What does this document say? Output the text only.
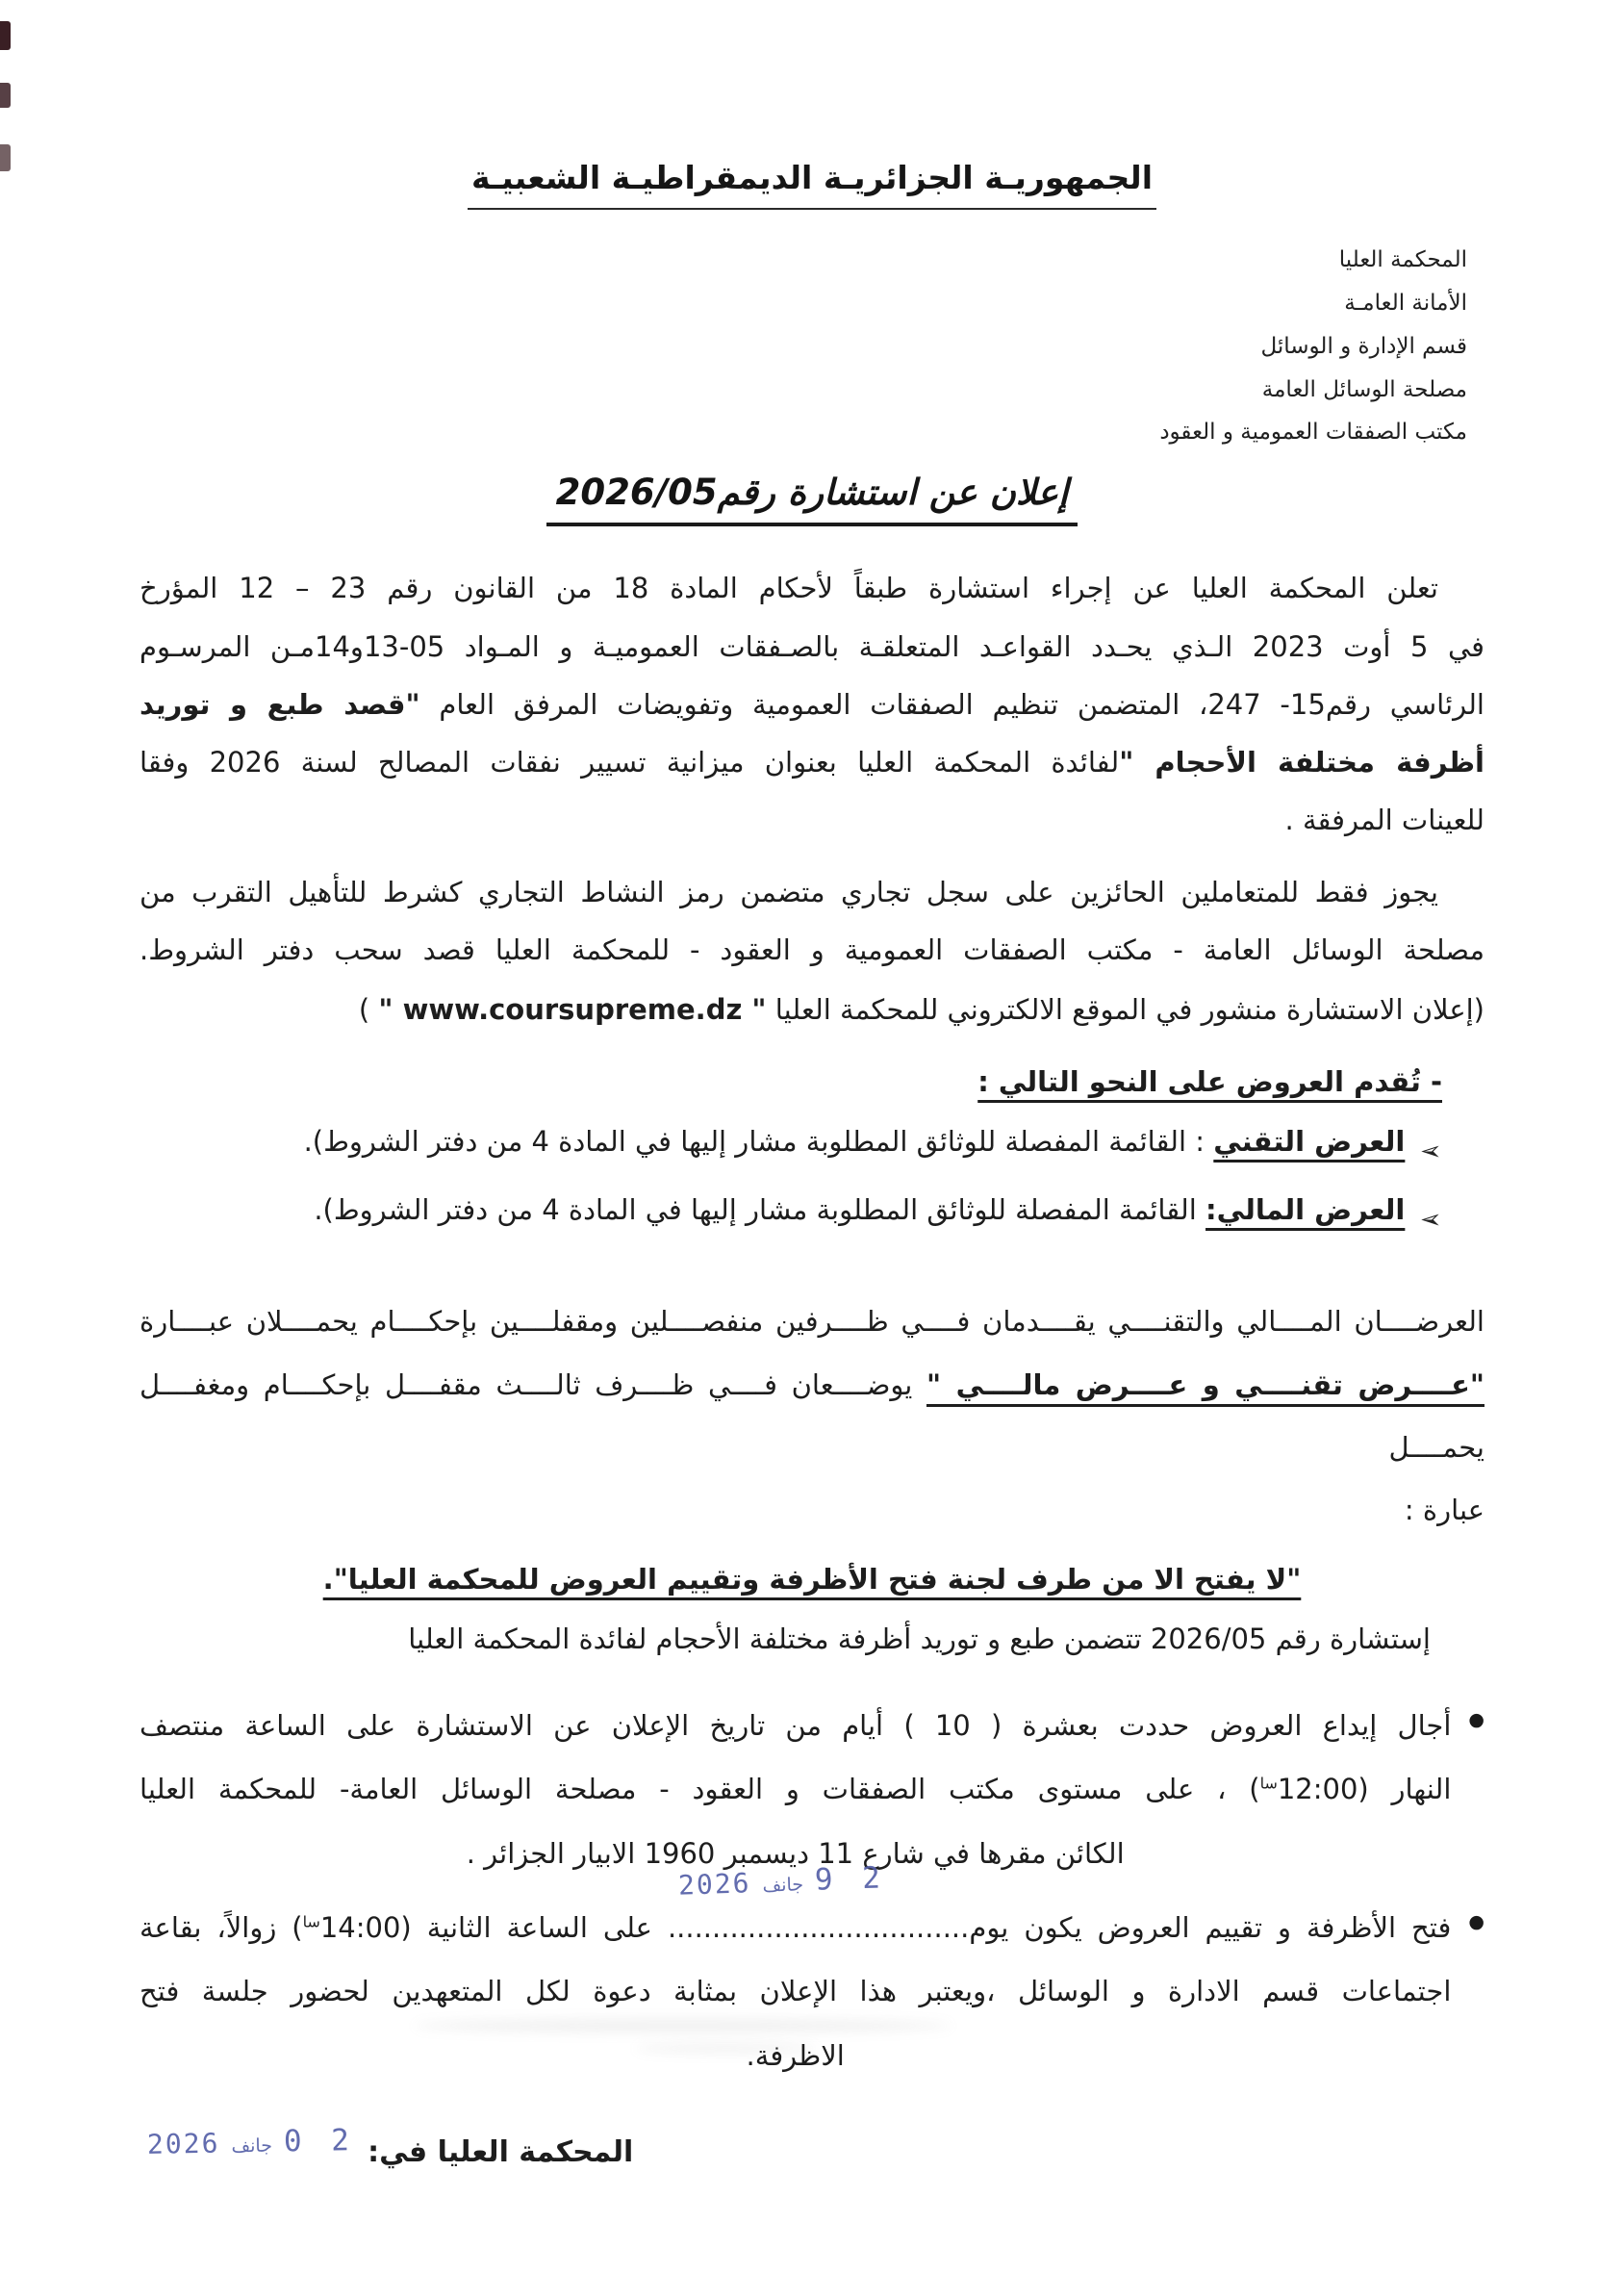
الجمهوريـة الجزائريـة الديمقراطيـة الشعبيـة
المحكمة العليا
الأمانة العامـة
قسم الإدارة و الوسائل
مصلحة الوسائل العامة
مكتب الصفقات العمومية و العقود
إعلان عن استشارة رقم2026/05

تعلن المحكمة العليا عن إجراء استشارة طبقاً لأحكام المادة 18 من القانون رقم 23 – 12 المؤرخ
في 5 أوت 2023 الـذي يحـدد القواعـد المتعلقـة بالصـفقات العموميـة و المـواد 05-13و14مـن المرسـوم
الرئاسي رقم15- 247، المتضمن تنظيم الصفقات العمومية وتفويضات المرفق العام "قصد طبع و توريد
أظرفة مختلفة الأحجام "لفائدة المحكمة العليا بعنوان ميزانية تسيير نفقات المصالح لسنة 2026 وفقا
للعينات المرفقة .

يجوز فقط للمتعاملين الحائزين على سجل تجاري متضمن رمز النشاط التجاري كشرط للتأهيل التقرب من
مصلحة الوسائل العامة - مكتب الصفقات العمومية و العقود - للمحكمة العليا قصد سحب دفتر الشروط.
(إعلان الاستشارة منشور في الموقع الالكتروني للمحكمة العليا " www.coursupreme.dz " )

- تُقدم العروض على النحو التالي :
➢
العرض التقني : القائمة المفصلة للوثائق المطلوبة مشار إليها في المادة 4 من دفتر الشروط).
➢
العرض المالي: القائمة المفصلة للوثائق المطلوبة مشار إليها في المادة 4 من دفتر الشروط).

العرضــــان المــــالي والتقنــــي يقــــدمان فــــي ظــــرفين منفصــــلين ومقفلــــين بإحكــــام يحمــــلان عبــــارة
"عــــرض تقنــــي و عــــرض مالــــي " يوضــــعان فــــي ظــــرف ثالــــث مقفــــل بإحكــــام ومغفــــل يحمــــل
عبارة :

"لا يفتح الا من طرف لجنة فتح الأظرفة وتقييم العروض للمحكمة العليا".
إستشارة رقم 2026/05 تتضمن طبع و توريد أظرفة مختلفة الأحجام لفائدة المحكمة العليا
●
أجال إيداع العروض حددت بعشرة ( 10 ) أيام من تاريخ الإعلان عن الاستشارة على الساعة منتصف
النهار $(12:00^{سا})$ ، على مستوى مكتب الصفقات و العقود - مصلحة الوسائل العامة- للمحكمة العليا
الكائن مقرها في شارع 11 ديسمبر 1960 الابيار الجزائر .
●
2 9
جانف
2026
فتح الأظرفة و تقييم العروض يكون يوم.................................. على الساعة الثانية $(14:00^{سا})$ زوالاً، بقاعة
اجتماعات قسم الادارة و الوسائل ،ويعتبر هذا الإعلان بمثابة دعوة لكل المتعهدين لحضور جلسة فتح
الاظرفة.
المحكمة العليا في:
2 0
جانف
2026
